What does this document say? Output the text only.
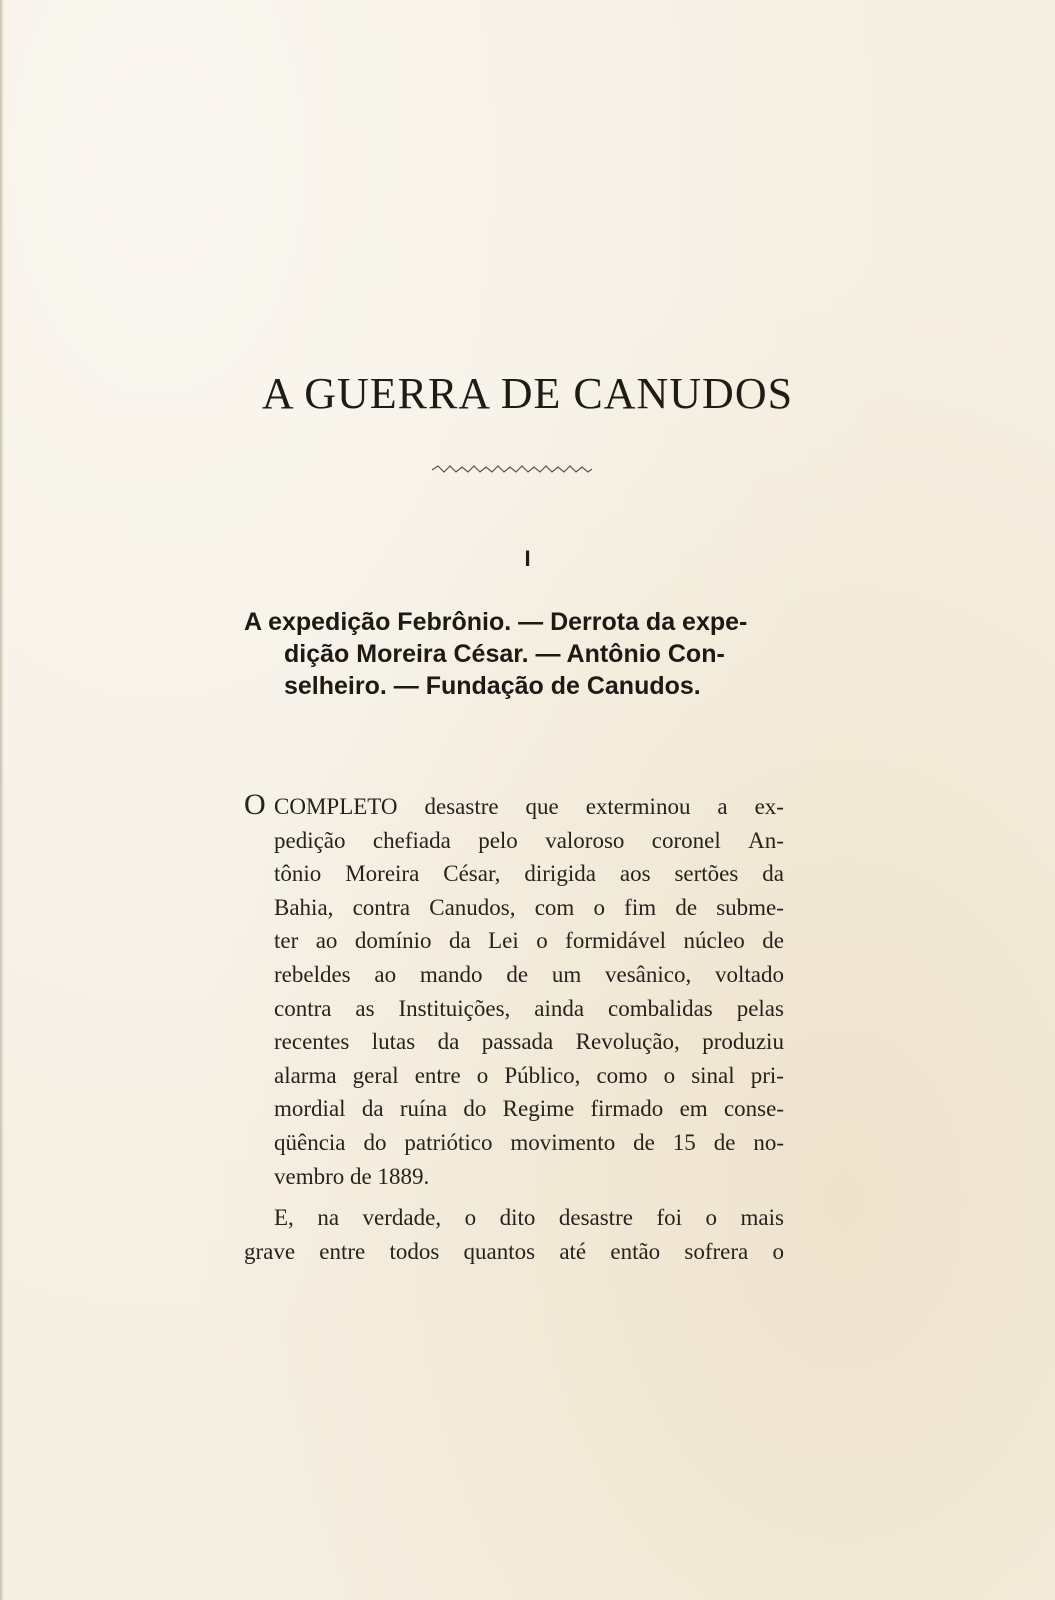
A GUERRA DE CANUDOS
I
A expedição Febrônio. — Derrota da expe-
dição Moreira César. — Antônio Con-
selheiro. — Fundação de Canudos.
O COMPLETO desastre que exterminou a ex-
pedição chefiada pelo valoroso coronel An-
tônio Moreira César, dirigida aos sertões da
Bahia, contra Canudos, com o fim de subme-
ter ao domínio da Lei o formidável núcleo de
rebeldes ao mando de um vesânico, voltado
contra as Instituições, ainda combalidas pelas
recentes lutas da passada Revolução, produziu
alarma geral entre o Público, como o sinal pri-
mordial da ruína do Regime firmado em conse-
qüência do patriótico movimento de 15 de no-
vembro de 1889.
E, na verdade, o dito desastre foi o mais
grave entre todos quantos até então sofrera o
